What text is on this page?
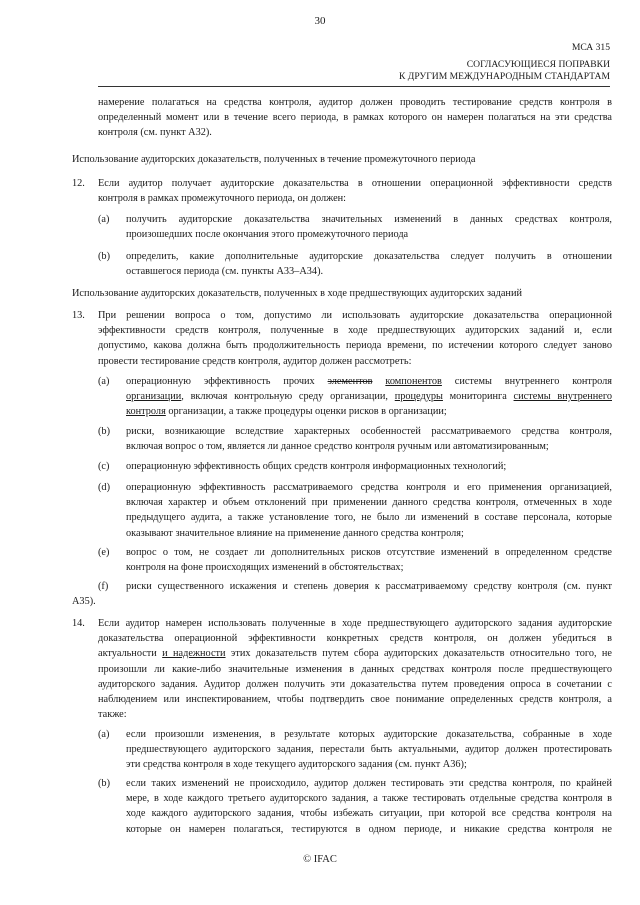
30
МСА 315
СОГЛАСУЮЩИЕСЯ ПОПРАВКИ
К ДРУГИМ МЕЖДУНАРОДНЫМ СТАНДАРТАМ
намерение полагаться на средства контроля, аудитор должен проводить тестирование средств контроля в
определенный момент или в течение всего периода, в рамках которого он намерен полагаться на эти средства
контроля (см. пункт А32).
Использование аудиторских доказательств, полученных в течение промежуточного периода
12. Если аудитор получает аудиторские доказательства в отношении операционной эффективности средств
контроля в рамках промежуточного периода, он должен:
(a) получить аудиторские доказательства значительных изменений в данных средствах контроля,
произошедших после окончания этого промежуточного периода
(b) определить, какие дополнительные аудиторские доказательства следует получить в отношении
оставшегося периода (см. пункты А33–А34).
Использование аудиторских доказательств, полученных в ходе предшествующих аудиторских заданий
13. При решении вопроса о том, допустимо ли использовать аудиторские доказательства операционной
эффективности средств контроля, полученные в ходе предшествующих аудиторских заданий и, если
допустимо, какова должна быть продолжительность периода времени, по истечении которого следует заново
провести тестирование средств контроля, аудитор должен рассмотреть:
(a) операционную эффективность прочих элементов компонентов системы внутреннего контроля
организации, включая контрольную среду организации, процедуры мониторинга системы внутреннего
контроля организации, а также процедуры оценки рисков в организации;
(b) риски, возникающие вследствие характерных особенностей рассматриваемого средства контроля,
включая вопрос о том, является ли данное средство контроля ручным или автоматизированным;
(c) операционную эффективность общих средств контроля информационных технологий;
(d) операционную эффективность рассматриваемого средства контроля и его применения организацией,
включая характер и объем отклонений при применении данного средства контроля, отмеченных в ходе
предыдущего аудита, а также установление того, не было ли изменений в составе персонала, которые
оказывают значительное влияние на применение данного средства контроля;
(e) вопрос о том, не создает ли дополнительных рисков отсутствие изменений в определенном средстве
контроля на фоне происходящих изменений в обстоятельствах;
(f) риски существенного искажения и степень доверия к рассматриваемому средству контроля (см. пункт
А35).
14. Если аудитор намерен использовать полученные в ходе предшествующего аудиторского задания аудиторские
доказательства операционной эффективности конкретных средств контроля, он должен убедиться в
актуальности и надежности этих доказательств путем сбора аудиторских доказательств относительно того, не
произошли ли какие-либо значительные изменения в данных средствах контроля после предшествующего
аудиторского задания. Аудитор должен получить эти доказательства путем проведения опроса в сочетании с
наблюдением или инспектированием, чтобы подтвердить свое понимание определенных средств контроля, а
также:
(a) если произошли изменения, в результате которых аудиторские доказательства, собранные в ходе
предшествующего аудиторского задания, перестали быть актуальными, аудитор должен протестировать
эти средства контроля в ходе текущего аудиторского задания (см. пункт А36);
(b) если таких изменений не происходило, аудитор должен тестировать эти средства контроля, по крайней
мере, в ходе каждого третьего аудиторского задания, а также тестировать отдельные средства контроля в
ходе каждого аудиторского задания, чтобы избежать ситуации, при которой все средства контроля на
которые он намерен полагаться, тестируются в одном периоде, и никакие средства контроля не
© IFAC
